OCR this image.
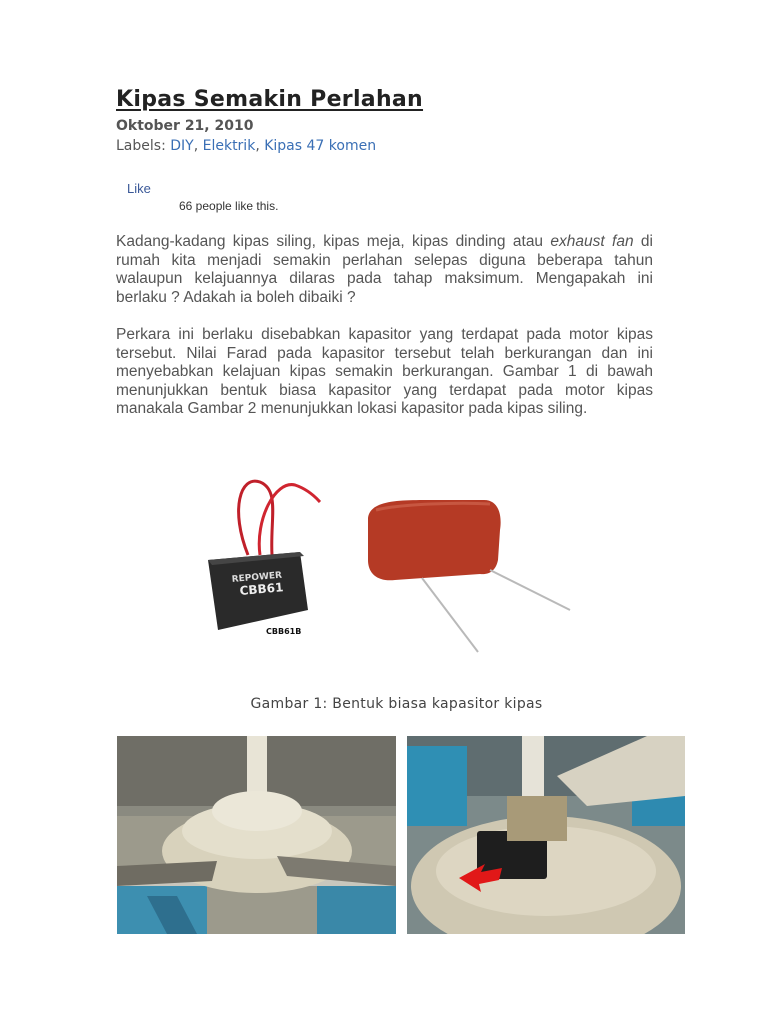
Kipas Semakin Perlahan
Oktober 21, 2010
Labels: DIY, Elektrik, Kipas 47 komen
Like
66 people like this.

Kadang-kadang kipas siling, kipas meja, kipas dinding atau exhaust fan di rumah kita menjadi semakin perlahan selepas diguna beberapa tahun walaupun kelajuannya dilaras pada tahap maksimum. Mengapakah ini berlaku ? Adakah ia boleh dibaiki ?

Perkara ini berlaku disebabkan kapasitor yang terdapat pada motor kipas tersebut. Nilai Farad pada kapasitor tersebut telah berkurangan dan ini menyebabkan kelajuan kipas semakin berkurangan. Gambar 1 di bawah menunjukkan bentuk biasa kapasitor yang terdapat pada motor kipas manakala Gambar 2 menunjukkan lokasi kapasitor pada kipas siling.

REPOWER
CBB61
CBB61B
Gambar 1: Bentuk biasa kapasitor kipas
